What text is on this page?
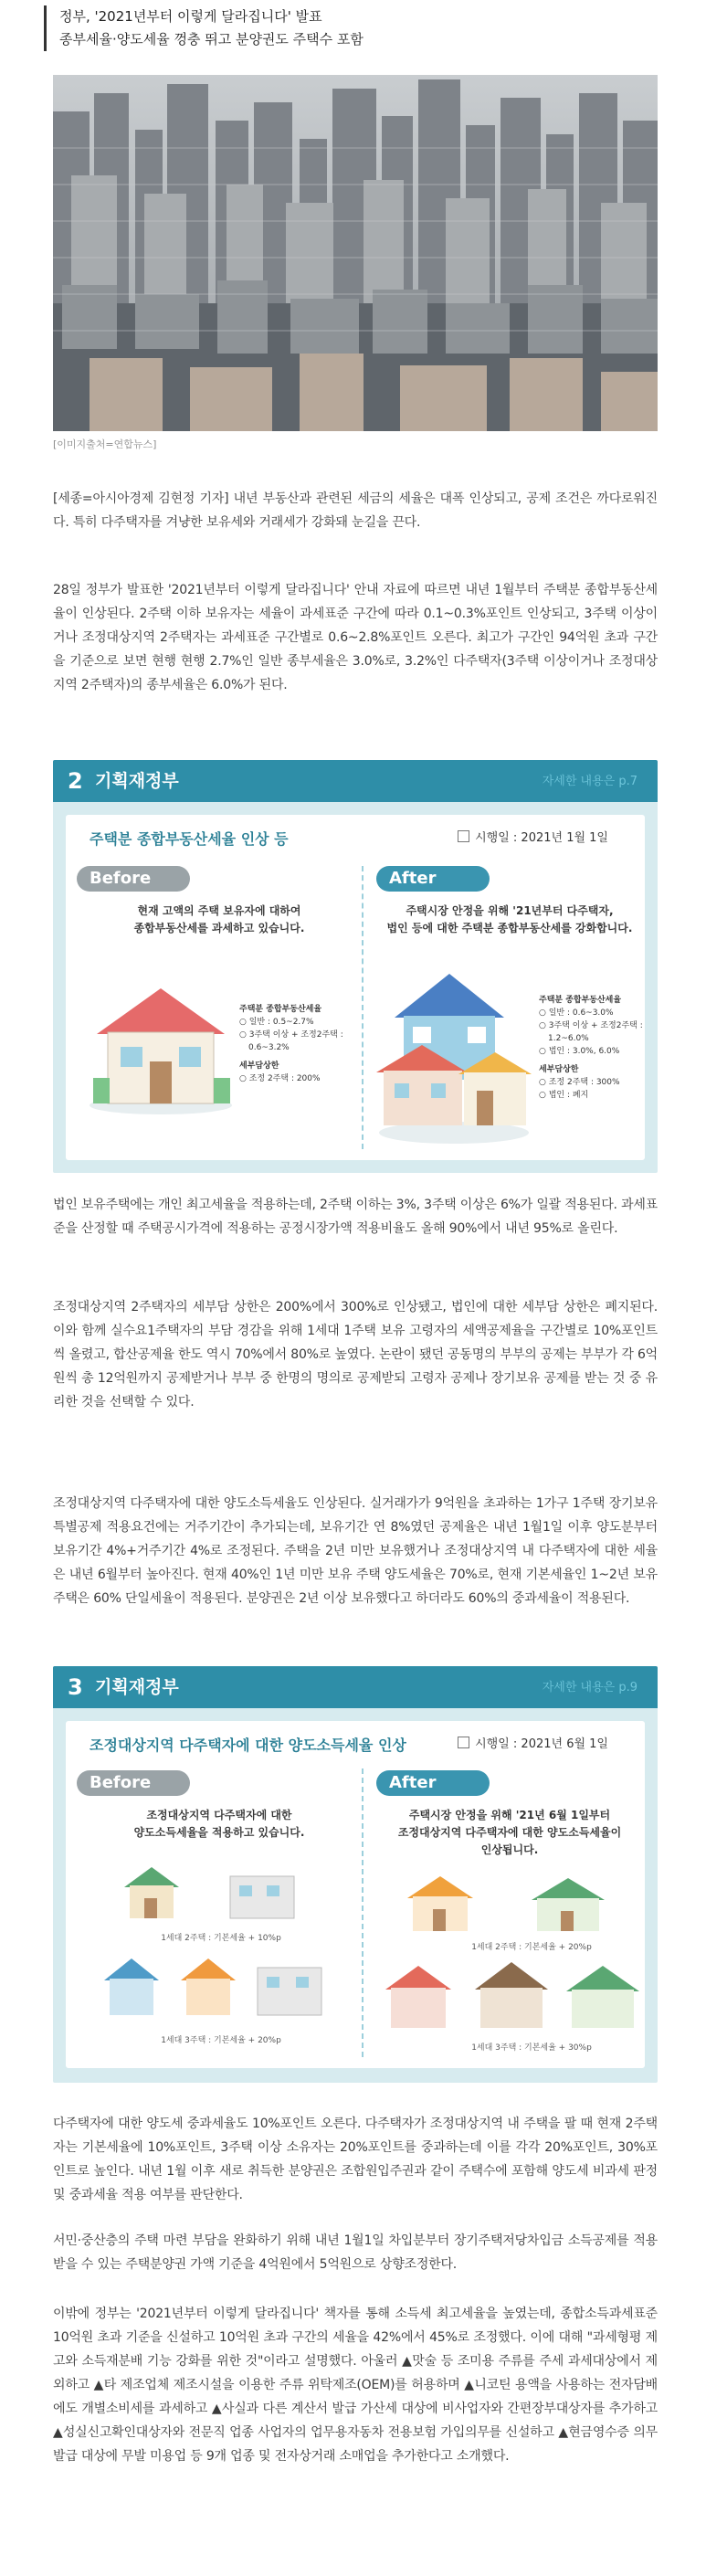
정부, '2021년부터 이렇게 달라집니다' 발표
종부세율·양도세율 껑충 뛰고 분양권도 주택수 포함
[이미지출처=연합뉴스]
[세종=아시아경제 김현정 기자] 내년 부동산과 관련된 세금의 세율은 대폭 인상되고, 공제 조건은 까다로워진다. 특히 다주택자를 겨냥한 보유세와 거래세가 강화돼 눈길을 끈다.
28일 정부가 발표한 '2021년부터 이렇게 달라집니다' 안내 자료에 따르면 내년 1월부터 주택분 종합부동산세율이 인상된다. 2주택 이하 보유자는 세율이 과세표준 구간에 따라 0.1~0.3%포인트 인상되고, 3주택 이상이거나 조정대상지역 2주택자는 과세표준 구간별로 0.6~2.8%포인트 오른다. 최고가 구간인 94억원 초과 구간을 기준으로 보면 현행 현행 2.7%인 일반 종부세율은 3.0%로, 3.2%인 다주택자(3주택 이상이거나 조정대상지역 2주택자)의 종부세율은 6.0%가 된다.
2 기획재정부	자세한 내용은 p.7
주택분 종합부동산세율 인상 등	시행일 : 2021년 1월 1일
Before	After
현재 고액의 주택 보유자에 대하여
종합부동산세를 과세하고 있습니다.
주택시장 안정을 위해 '21년부터 다주택자,
법인 등에 대한 주택분 종합부동산세를 강화합니다.
주택분 종합부동산세율
○ 일반 : 0.5~2.7%
○ 3주택 이상 + 조정2주택 :
0.6~3.2%
세부담상한
○ 조정 2주택 : 200%
주택분 종합부동산세율
○ 일반 : 0.6~3.0%
○ 3주택 이상 + 조정2주택 :
1.2~6.0%
○ 법인 : 3.0%, 6.0%
세부담상한
○ 조정 2주택 : 300%
○ 법인 : 폐지
법인 보유주택에는 개인 최고세율을 적용하는데, 2주택 이하는 3%, 3주택 이상은 6%가 일괄 적용된다. 과세표준을 산정할 때 주택공시가격에 적용하는 공정시장가액 적용비율도 올해 90%에서 내년 95%로 올린다.
조정대상지역 2주택자의 세부담 상한은 200%에서 300%로 인상됐고, 법인에 대한 세부담 상한은 폐지된다. 이와 함께 실수요1주택자의 부담 경감을 위해 1세대 1주택 보유 고령자의 세액공제율을 구간별로 10%포인트씩 올렸고, 합산공제율 한도 역시 70%에서 80%로 높였다. 논란이 됐던 공동명의 부부의 공제는 부부가 각 6억원씩 총 12억원까지 공제받거나 부부 중 한명의 명의로 공제받되 고령자 공제나 장기보유 공제를 받는 것 중 유리한 것을 선택할 수 있다.
조정대상지역 다주택자에 대한 양도소득세율도 인상된다. 실거래가가 9억원을 초과하는 1가구 1주택 장기보유특별공제 적용요건에는 거주기간이 추가되는데, 보유기간 연 8%였던 공제율은 내년 1월1일 이후 양도분부터 보유기간 4%+거주기간 4%로 조정된다. 주택을 2년 미만 보유했거나 조정대상지역 내 다주택자에 대한 세율은 내년 6월부터 높아진다. 현재 40%인 1년 미만 보유 주택 양도세율은 70%로, 현재 기본세율인 1~2년 보유 주택은 60% 단일세율이 적용된다. 분양권은 2년 이상 보유했다고 하더라도 60%의 중과세율이 적용된다.
3 기획재정부	자세한 내용은 p.9
조정대상지역 다주택자에 대한 양도소득세율 인상	시행일 : 2021년 6월 1일
Before	After
조정대상지역 다주택자에 대한
양도소득세율을 적용하고 있습니다.
주택시장 안정을 위해 '21년 6월 1일부터
조정대상지역 다주택자에 대한 양도소득세율이
인상됩니다.
1세대 2주택 : 기본세율 + 10%p
1세대 3주택 : 기본세율 + 20%p
1세대 2주택 : 기본세율 + 20%p
1세대 3주택 : 기본세율 + 30%p
다주택자에 대한 양도세 중과세율도 10%포인트 오른다. 다주택자가 조정대상지역 내 주택을 팔 때 현재 2주택자는 기본세율에 10%포인트, 3주택 이상 소유자는 20%포인트를 중과하는데 이를 각각 20%포인트, 30%포인트로 높인다. 내년 1월 이후 새로 취득한 분양권은 조합원입주권과 같이 주택수에 포함해 양도세 비과세 판정 및 중과세율 적용 여부를 판단한다.
서민·중산층의 주택 마련 부담을 완화하기 위해 내년 1월1일 차입분부터 장기주택저당차입금 소득공제를 적용받을 수 있는 주택분양권 가액 기준을 4억원에서 5억원으로 상향조정한다.
이밖에 정부는 '2021년부터 이렇게 달라집니다' 책자를 통해 소득세 최고세율을 높였는데, 종합소득과세표준 10억원 초과 기준을 신설하고 10억원 초과 구간의 세율을 42%에서 45%로 조정했다. 이에 대해 "과세형평 제고와 소득재분배 기능 강화를 위한 것"이라고 설명했다. 아울러 ▲맛술 등 조미용 주류를 주세 과세대상에서 제외하고 ▲타 제조업체 제조시설을 이용한 주류 위탁제조(OEM)를 허용하며 ▲니코틴 용액을 사용하는 전자담배에도 개별소비세를 과세하고 ▲사실과 다른 계산서 발급 가산세 대상에 비사업자와 간편장부대상자를 추가하고 ▲성실신고확인대상자와 전문직 업종 사업자의 업무용자동차 전용보험 가입의무를 신설하고 ▲현금영수증 의무발급 대상에 무발 미용업 등 9개 업종 및 전자상거래 소매업을 추가한다고 소개했다.
